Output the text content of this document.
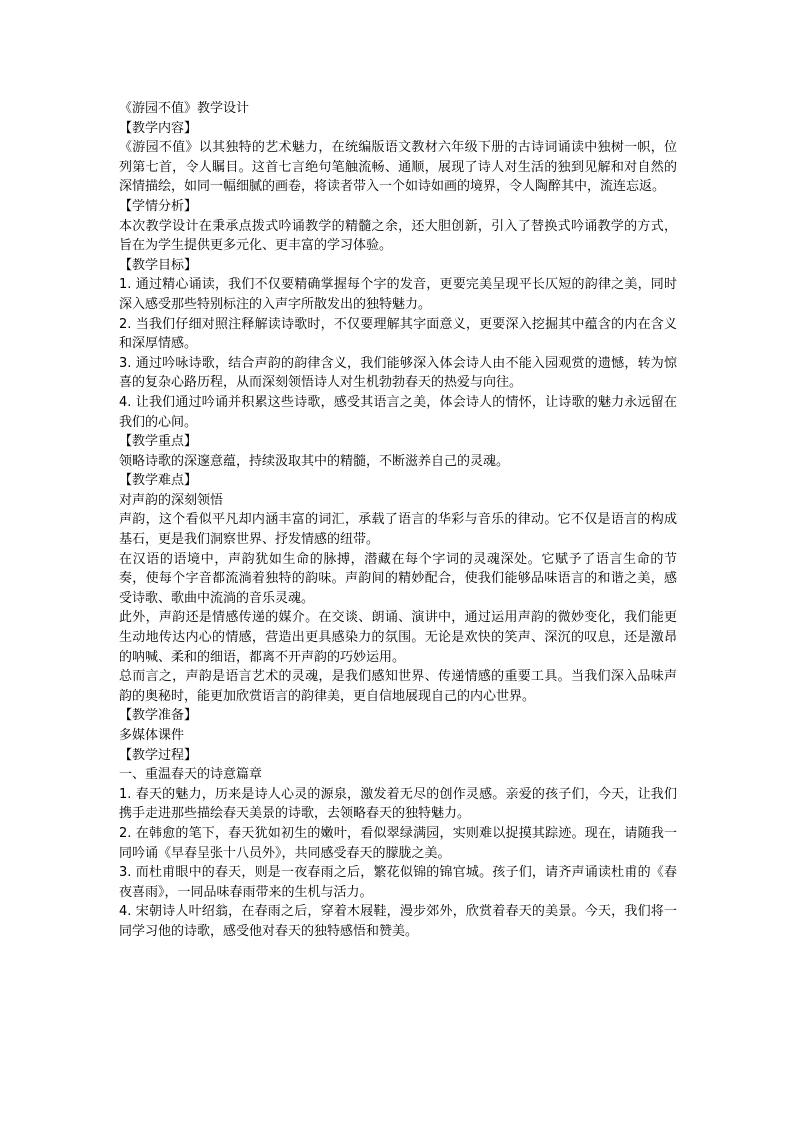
《游园不值》教学设计

【教学内容】

《游园不值》以其独特的艺术魅力，在统编版语文教材六年级下册的古诗词诵读中独树一帜，位列第七首，令人瞩目。这首七言绝句笔触流畅、通顺，展现了诗人对生活的独到见解和对自然的深情描绘，如同一幅细腻的画卷，将读者带入一个如诗如画的境界，令人陶醉其中，流连忘返。

【学情分析】

本次教学设计在秉承点拨式吟诵教学的精髓之余，还大胆创新，引入了替换式吟诵教学的方式，旨在为学生提供更多元化、更丰富的学习体验。

【教学目标】

1. 通过精心诵读，我们不仅要精确掌握每个字的发音，更要完美呈现平长仄短的韵律之美，同时深入感受那些特别标注的入声字所散发出的独特魅力。

2. 当我们仔细对照注释解读诗歌时，不仅要理解其字面意义，更要深入挖掘其中蕴含的内在含义和深厚情感。

3. 通过吟咏诗歌，结合声韵的韵律含义，我们能够深入体会诗人由不能入园观赏的遗憾，转为惊喜的复杂心路历程，从而深刻领悟诗人对生机勃勃春天的热爱与向往。

4. 让我们通过吟诵并积累这些诗歌，感受其语言之美，体会诗人的情怀，让诗歌的魅力永远留在我们的心间。

【教学重点】

领略诗歌的深邃意蕴，持续汲取其中的精髓，不断滋养自己的灵魂。

【教学难点】

对声韵的深刻领悟

声韵，这个看似平凡却内涵丰富的词汇，承载了语言的华彩与音乐的律动。它不仅是语言的构成基石，更是我们洞察世界、抒发情感的纽带。

在汉语的语境中，声韵犹如生命的脉搏，潜藏在每个字词的灵魂深处。它赋予了语言生命的节奏，使每个字音都流淌着独特的韵味。声韵间的精妙配合，使我们能够品味语言的和谐之美，感受诗歌、歌曲中流淌的音乐灵魂。

此外，声韵还是情感传递的媒介。在交谈、朗诵、演讲中，通过运用声韵的微妙变化，我们能更生动地传达内心的情感，营造出更具感染力的氛围。无论是欢快的笑声、深沉的叹息，还是激昂的呐喊、柔和的细语，都离不开声韵的巧妙运用。

总而言之，声韵是语言艺术的灵魂，是我们感知世界、传递情感的重要工具。当我们深入品味声韵的奥秘时，能更加欣赏语言的韵律美，更自信地展现自己的内心世界。

【教学准备】

多媒体课件

【教学过程】

一、重温春天的诗意篇章

1. 春天的魅力，历来是诗人心灵的源泉，激发着无尽的创作灵感。亲爱的孩子们，今天，让我们携手走进那些描绘春天美景的诗歌，去领略春天的独特魅力。

2. 在韩愈的笔下，春天犹如初生的嫩叶，看似翠绿满园，实则难以捉摸其踪迹。现在，请随我一同吟诵《早春呈张十八员外》，共同感受春天的朦胧之美。

3. 而杜甫眼中的春天，则是一夜春雨之后，繁花似锦的锦官城。孩子们，请齐声诵读杜甫的《春夜喜雨》，一同品味春雨带来的生机与活力。

4. 宋朝诗人叶绍翁，在春雨之后，穿着木屐鞋，漫步郊外，欣赏着春天的美景。今天，我们将一同学习他的诗歌，感受他对春天的独特感悟和赞美。
